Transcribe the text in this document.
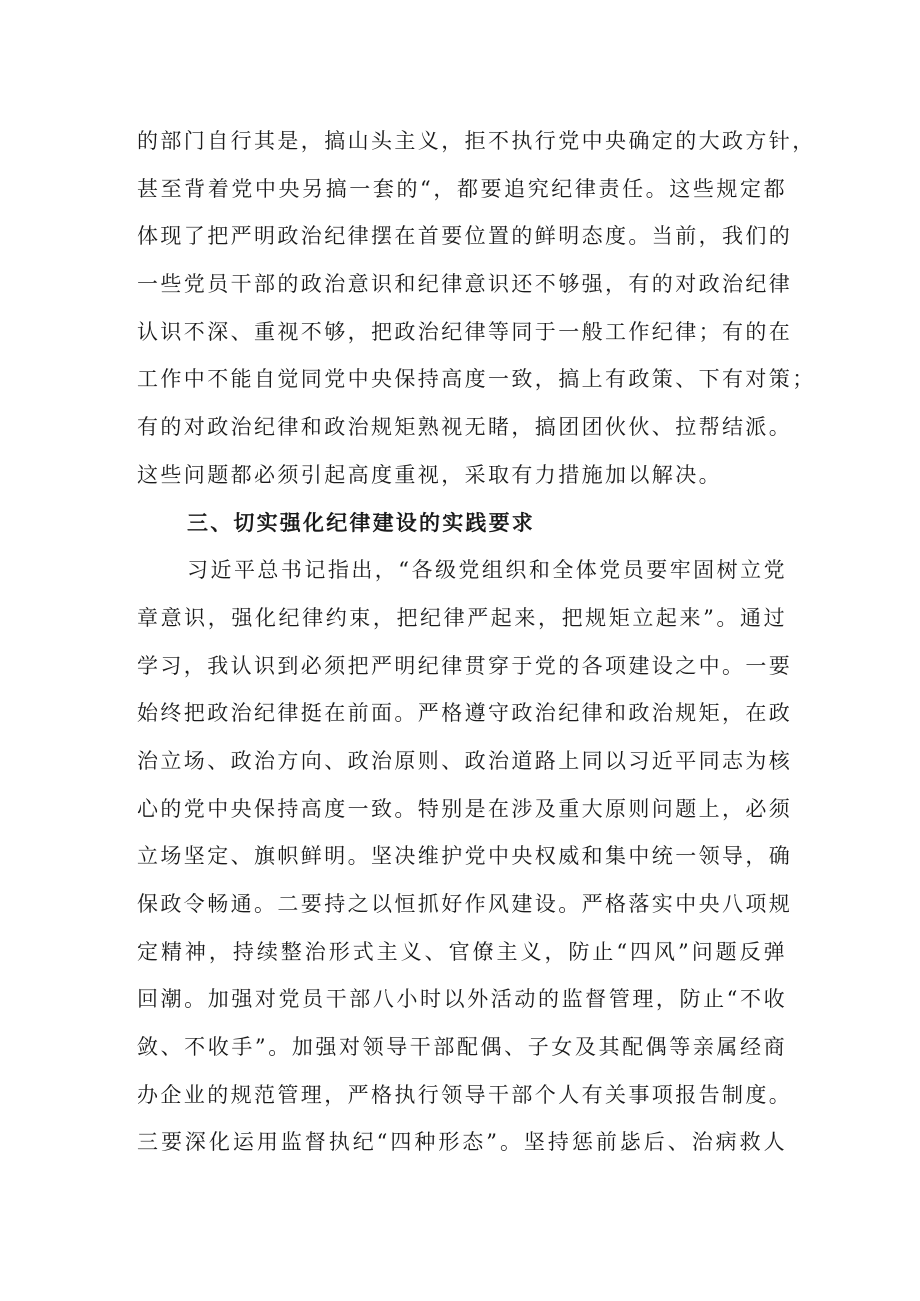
的部门自行其是，搞山头主义，拒不执行党中央确定的大政方针，
甚至背着党中央另搞一套的“，都要追究纪律责任。这些规定都
体现了把严明政治纪律摆在首要位置的鲜明态度。当前，我们的
一些党员干部的政治意识和纪律意识还不够强，有的对政治纪律
认识不深、重视不够，把政治纪律等同于一般工作纪律；有的在
工作中不能自觉同党中央保持高度一致，搞上有政策、下有对策；
有的对政治纪律和政治规矩熟视无睹，搞团团伙伙、拉帮结派。
这些问题都必须引起高度重视，采取有力措施加以解决。
三、切实强化纪律建设的实践要求
习近平总书记指出，“各级党组织和全体党员要牢固树立党
章意识，强化纪律约束，把纪律严起来，把规矩立起来”。通过
学习，我认识到必须把严明纪律贯穿于党的各项建设之中。一要
始终把政治纪律挺在前面。严格遵守政治纪律和政治规矩，在政
治立场、政治方向、政治原则、政治道路上同以习近平同志为核
心的党中央保持高度一致。特别是在涉及重大原则问题上，必须
立场坚定、旗帜鲜明。坚决维护党中央权威和集中统一领导，确
保政令畅通。二要持之以恒抓好作风建设。严格落实中央八项规
定精神，持续整治形式主义、官僚主义，防止“四风”问题反弹
回潮。加强对党员干部八小时以外活动的监督管理，防止“不收
敛、不收手”。加强对领导干部配偶、子女及其配偶等亲属经商
办企业的规范管理，严格执行领导干部个人有关事项报告制度。
三要深化运用监督执纪“四种形态”。坚持惩前毖后、治病救人
